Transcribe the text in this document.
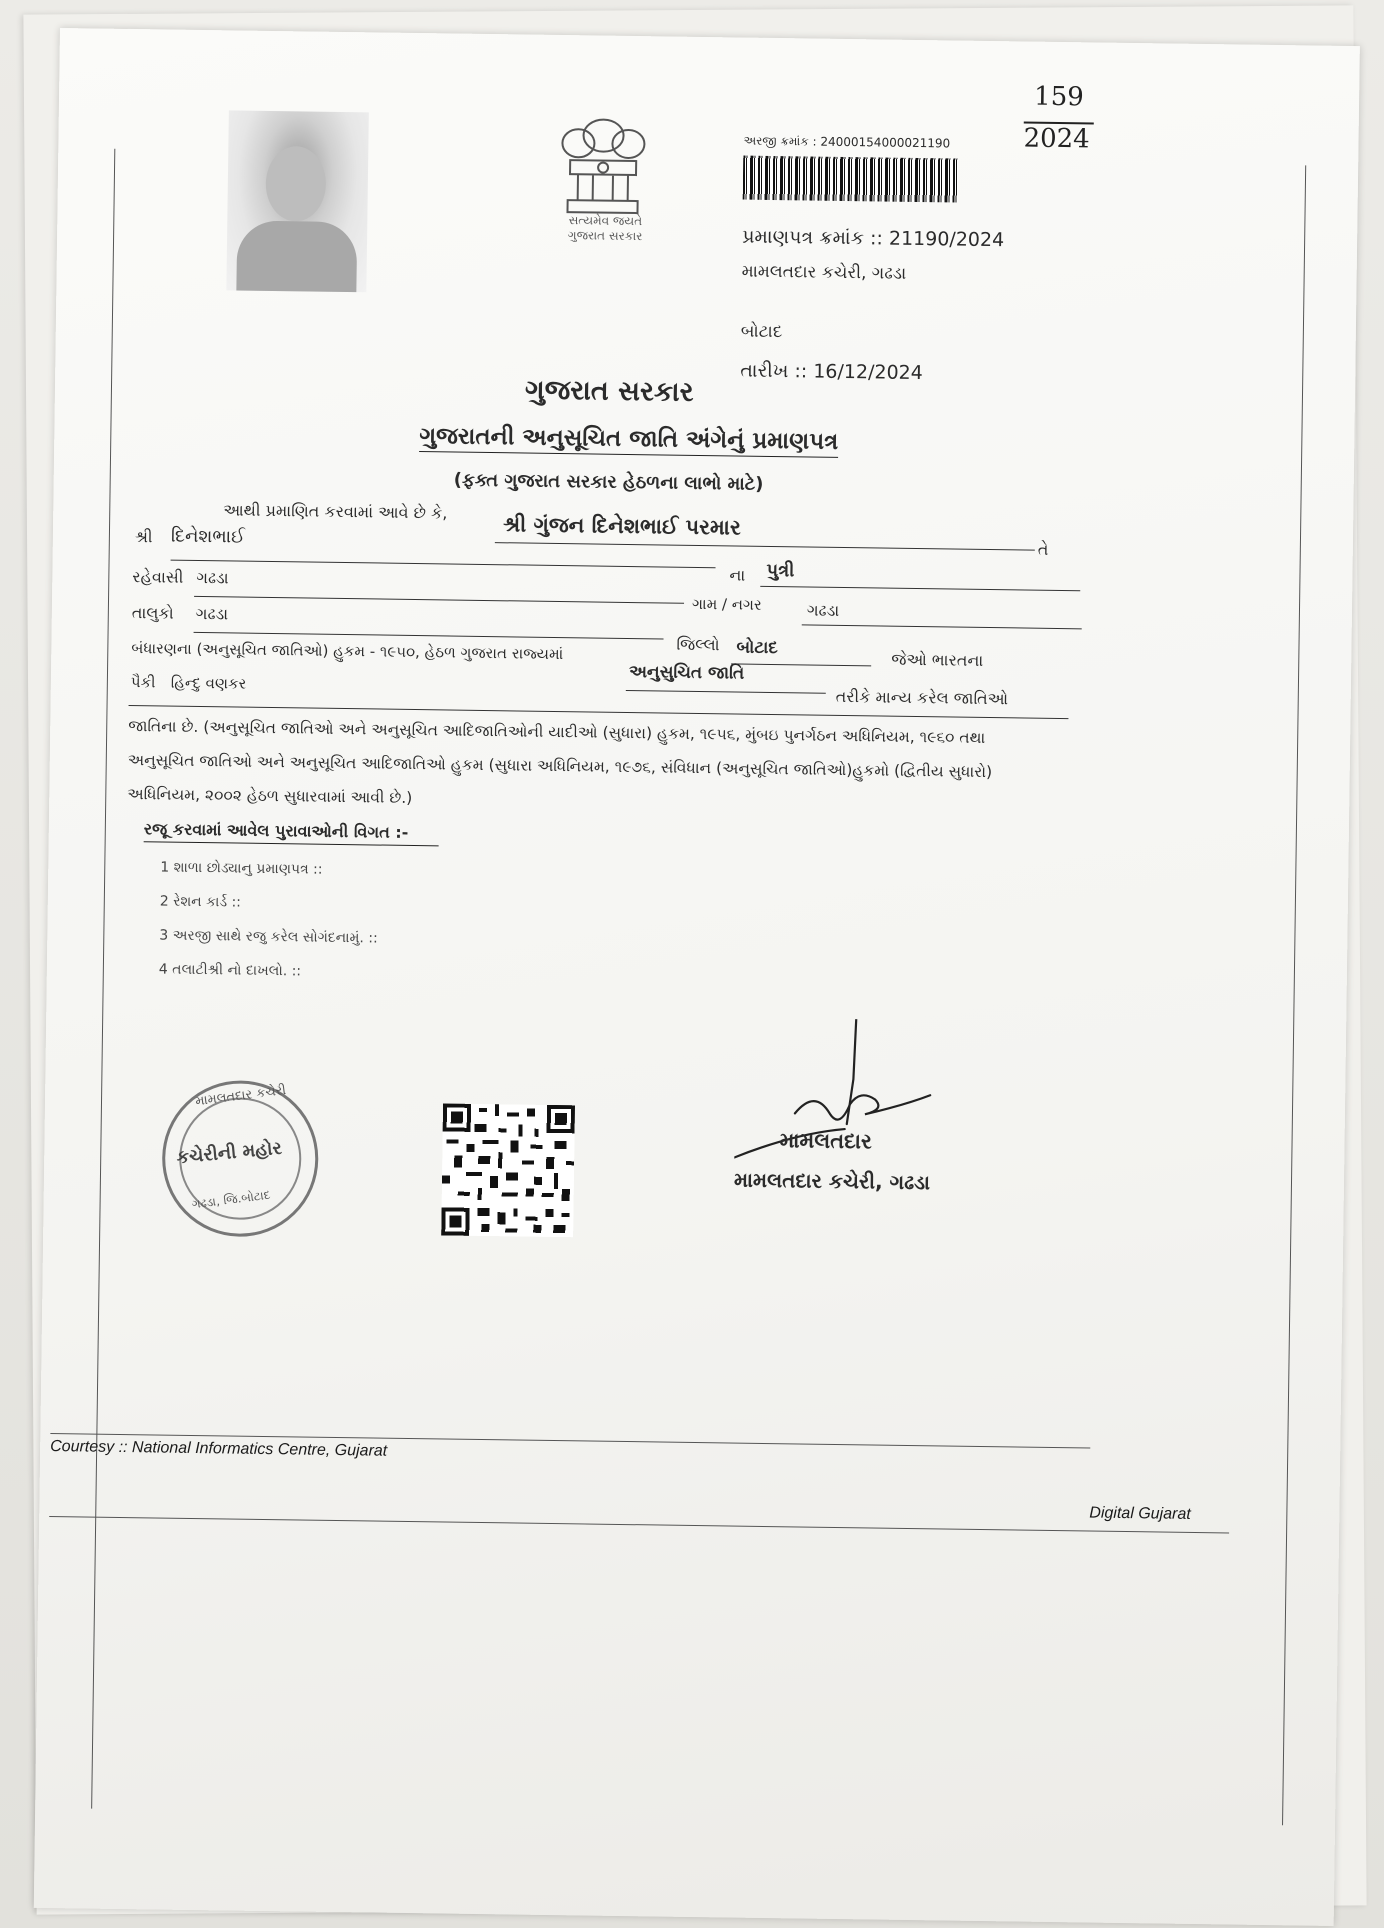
સત્યમેવ જયતે
ગુજરાત સરકાર
અરજી ક્રમાંક : 24000154000021190
159
2024
પ્રમાણપત્ર ક્રમાંક :: 21190/2024
મામલતદાર કચેરી, ગઢડા
બોટાદ
તારીખ :: 16/12/2024
ગુજરાત સરકાર
ગુજરાતની અનુસૂચિત જાતિ અંગેનું પ્રમાણપત્ર
(ફક્ત ગુજરાત સરકાર હેઠળના લાભો માટે)
આથી પ્રમાણિત કરવામાં આવે છે કે,
શ્રી ગુંજન દિનેશભાઈ પરમાર
તે
શ્રી દિનેશભાઈ
ના પુત્રી
રહેવાસી ગઢડા
ગામ / નગર	ગઢડા
તાલુકો ગઢડા
જિલ્લો બોટાદ
જેઓ ભારતના
બંધારણના (અનુસૂચિત જાતિઓ) હુકમ - ૧૯૫૦, હેઠળ ગુજરાત રાજ્યમાં
અનુસુચિત જાતિ
તરીકે માન્ય કરેલ જાતિઓ
પૈકી હિન્દુ વણકર
જાતિના છે. (અનુસૂચિત જાતિઓ અને અનુસૂચિત આદિજાતિઓની યાદીઓ (સુધારા) હુકમ, ૧૯૫૬, મુંબઇ પુનર્ગઠન અધિનિયમ, ૧૯૬૦ તથા
અનુસૂચિત જાતિઓ અને અનુસૂચિત આદિજાતિઓ હુકમ (સુધારા અધિનિયમ, ૧૯૭૬, સંવિધાન (અનુસૂચિત જાતિઓ)હુકમો (દ્વિતીય સુધારો)
અધિનિયમ, ૨૦૦૨ હેઠળ સુધારવામાં આવી છે.)
રજૂ કરવામાં આવેલ પુરાવાઓની વિગત :-
1 શાળા છોડ્યાનુ પ્રમાણપત્ર ::
2 રેશન કાર્ડ ::
3 અરજી સાથે રજુ કરેલ સોગંદનામું. ::
4 તલાટીશ્રી નો દાખલો. ::
મામલતદાર કચેરી
કચેરીની મહોર
ગઢડા, જિ.બોટાદ
મામલતદાર
મામલતદાર કચેરી, ગઢડા
Courtesy :: National Informatics Centre, Gujarat
Digital Gujarat
